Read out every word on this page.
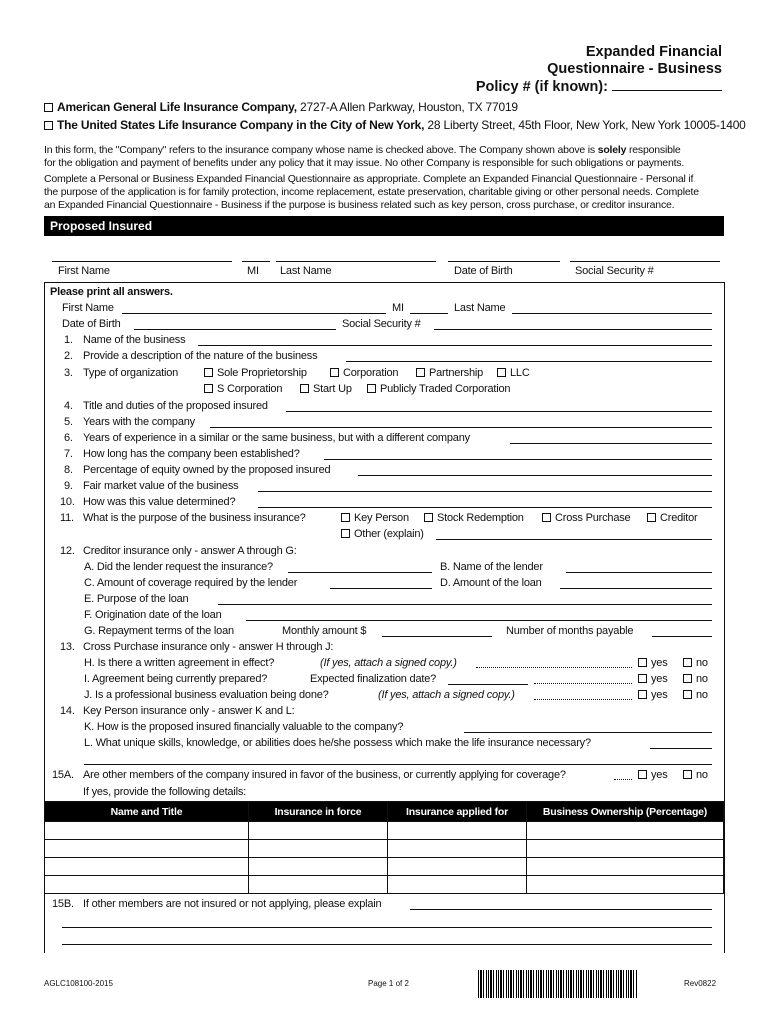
Expanded Financial
Questionnaire - Business
Policy # (if known):
American General Life Insurance Company, 2727-A Allen Parkway, Houston, TX 77019
The United States Life Insurance Company in the City of New York, 28 Liberty Street, 45th Floor, New York, New York 10005-1400
In this form, the "Company" refers to the insurance company whose name is checked above. The Company shown above is solely responsible
for the obligation and payment of benefits under any policy that it may issue. No other Company is responsible for such obligations or payments.
Complete a Personal or Business Expanded Financial Questionnaire as appropriate. Complete an Expanded Financial Questionnaire - Personal if
the purpose of the application is for family protection, income replacement, estate preservation, charitable giving or other personal needs. Complete
an Expanded Financial Questionnaire - Business if the purpose is business related such as key person, cross purchase, or creditor insurance.
Proposed Insured
First Name	MI Last Name	Date of Birth	Social Security #
Please print all answers.
First Name	MI	Last Name
Date of Birth	Social Security #
1. Name of the business
2. Provide a description of the nature of the business
3. Type of organization	Sole Proprietorship	Corporation	Partnership	LLC
S Corporation	Start Up	Publicly Traded Corporation
4. Title and duties of the proposed insured
5. Years with the company
6. Years of experience in a similar or the same business, but with a different company
7. How long has the company been established?
8. Percentage of equity owned by the proposed insured
9. Fair market value of the business
10. How was this value determined?
11. What is the purpose of the business insurance?	Key Person	Stock Redemption	Cross Purchase	Creditor
Other (explain)
12. Creditor insurance only - answer A through G:
A. Did the lender request the insurance?	B. Name of the lender
C. Amount of coverage required by the lender	D. Amount of the loan
E. Purpose of the loan
F. Origination date of the loan
G. Repayment terms of the loan	Monthly amount $	Number of months payable
13. Cross Purchase insurance only - answer H through J:
H. Is there a written agreement in effect?	(If yes, attach a signed copy.)	yes	no
I. Agreement being currently prepared?	Expected finalization date?	yes	no
J. Is a professional business evaluation being done?	(If yes, attach a signed copy.)	yes	no
14. Key Person insurance only - answer K and L:
K. How is the proposed insured financially valuable to the company?
L. What unique skills, knowledge, or abilities does he/she possess which make the life insurance necessary?
15A. Are other members of the company insured in favor of the business, or currently applying for coverage?	yes	no
If yes, provide the following details:
Name and Title	Insurance in force	Insurance applied for	Business Ownership (Percentage)

15B. If other members are not insured or not applying, please explain
AGLC108100-2015	Page 1 of 2	Rev0822
